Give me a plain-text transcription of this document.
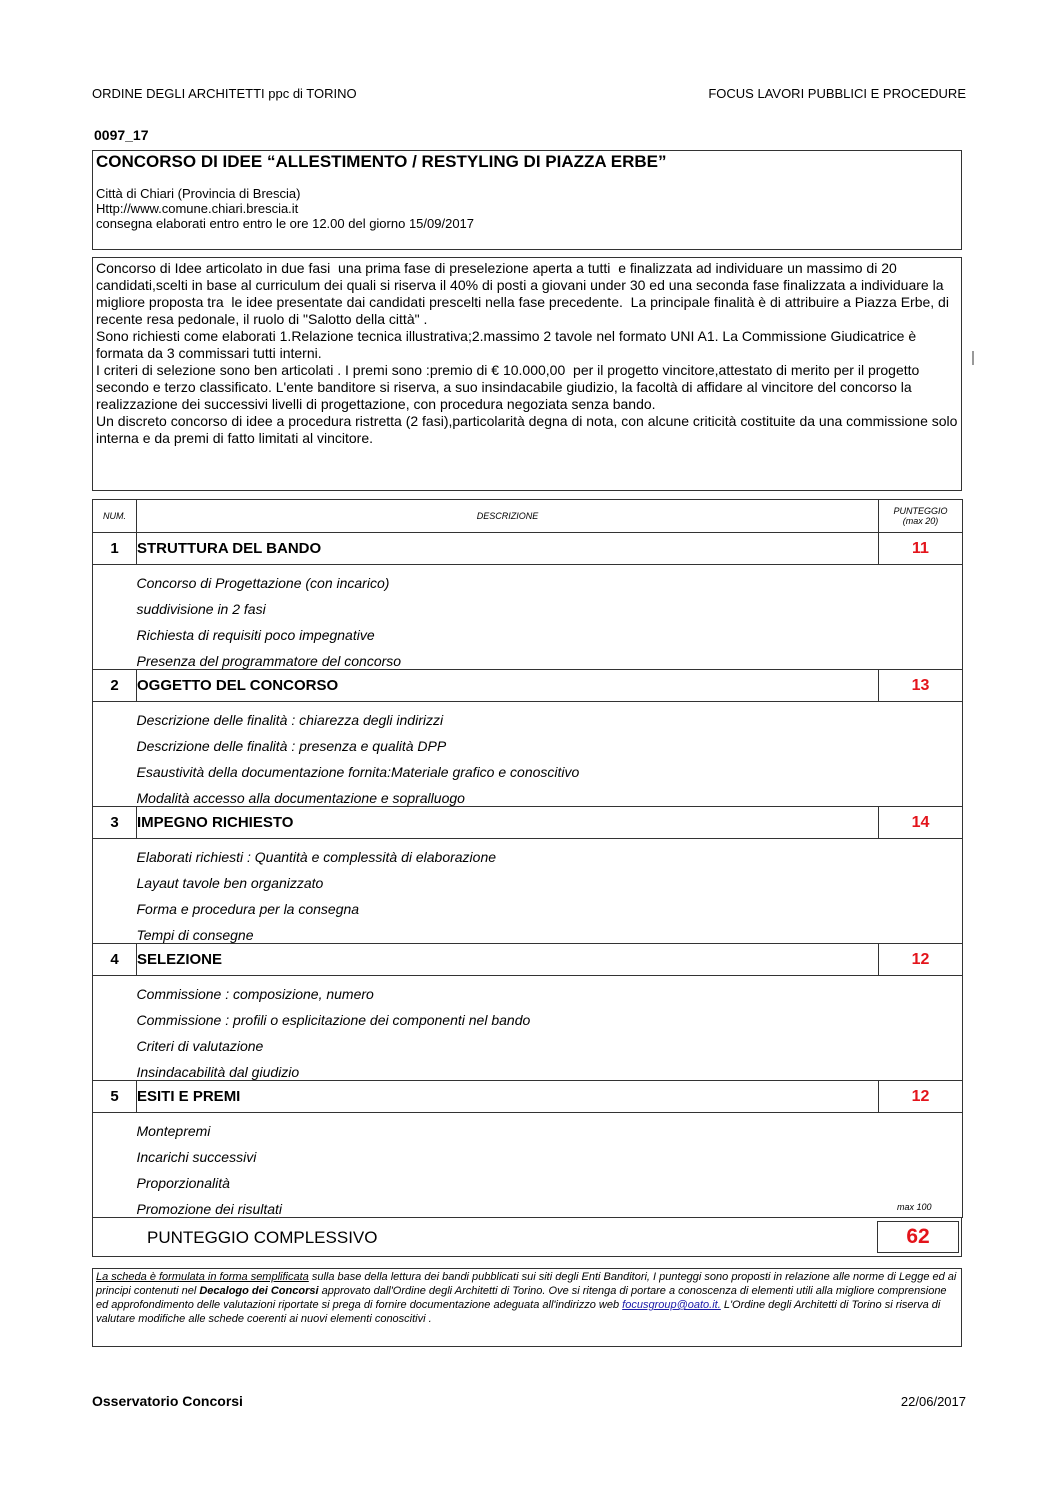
ORDINE DEGLI ARCHITETTI ppc di TORINO	FOCUS LAVORI PUBBLICI E PROCEDURE
0097_17
CONCORSO DI IDEE “ALLESTIMENTO / RESTYLING DI PIAZZA ERBE”
Città di Chiari (Provincia di Brescia)
Http://www.comune.chiari.brescia.it
consegna elaborati entro entro le ore 12.00 del giorno 15/09/2017

Concorso di Idee articolato in due fasi  una prima fase di preselezione aperta a tutti  e finalizzata ad individuare un massimo di 20 candidati,scelti in base al curriculum dei quali si riserva il 40% di posti a giovani under 30 ed una seconda fase finalizzata a individuare la migliore proposta tra  le idee presentate dai candidati prescelti nella fase precedente.  La principale finalità è di attribuire a Piazza Erbe, di recente resa pedonale, il ruolo di "Salotto della città" .
Sono richiesti come elaborati 1.Relazione tecnica illustrativa;2.massimo 2 tavole nel formato UNI A1. La Commissione Giudicatrice è formata da 3 commissari tutti interni.
I criteri di selezione sono ben articolati . I premi sono :premio di € 10.000,00  per il progetto vincitore,attestato di merito per il progetto secondo e terzo classificato. L'ente banditore si riserva, a suo insindacabile giudizio, la facoltà di affidare al vincitore del concorso la realizzazione dei successivi livelli di progettazione, con procedura negoziata senza bando.
Un discreto concorso di idee a procedura ristretta (2 fasi),particolarità degna di nota, con alcune criticità costituite da una commissione solo interna e da premi di fatto limitati al vincitore.

NUM.	DESCRIZIONE	PUNTEGGIO
(max 20)
1	STRUTTURA DEL BANDO	11
	Concorso di Progettazione (con incarico)	
	suddivisione in 2 fasi	
	Richiesta di requisiti poco impegnative	
	Presenza del programmatore del concorso	
2	OGGETTO DEL CONCORSO	13
	Descrizione delle finalità : chiarezza degli indirizzi	
	Descrizione delle finalità : presenza e qualità DPP	
	Esaustività della documentazione fornita:Materiale grafico e conoscitivo	
	Modalità accesso alla documentazione e sopralluogo	
3	IMPEGNO RICHIESTO	14
	Elaborati richiesti : Quantità e complessità di elaborazione	
	Layaut tavole ben organizzato	
	Forma e procedura per la consegna	
	Tempi di consegne	
4	SELEZIONE	12
	Commissione : composizione, numero	
	Commissione : profili o esplicitazione dei componenti nel bando	
	Criteri di valutazione	
	Insindacabilità dal giudizio	
5	ESITI E PREMI	12
	Montepremi	
	Incarichi successivi	
	Proporzionalità	
	Promozione dei risultati		max 100
PUNTEGGIO COMPLESSIVO	62

La scheda è formulata in forma semplificata sulla base della lettura dei bandi pubblicati sui siti degli Enti Banditori, I punteggi sono proposti in relazione alle norme di Legge ed ai principi contenuti nel Decalogo dei Concorsi approvato dall'Ordine degli Architetti di Torino. Ove si ritenga di portare a conoscenza di elementi utili alla migliore comprensione ed approfondimento delle valutazioni riportate si prega di fornire documentazione adeguata all'indirizzo web focusgroup@oato.it. L'Ordine degli Architetti di Torino si riserva di valutare modifiche alle schede coerenti ai nuovi elementi conoscitivi .

Osservatorio Concorsi	22/06/2017
